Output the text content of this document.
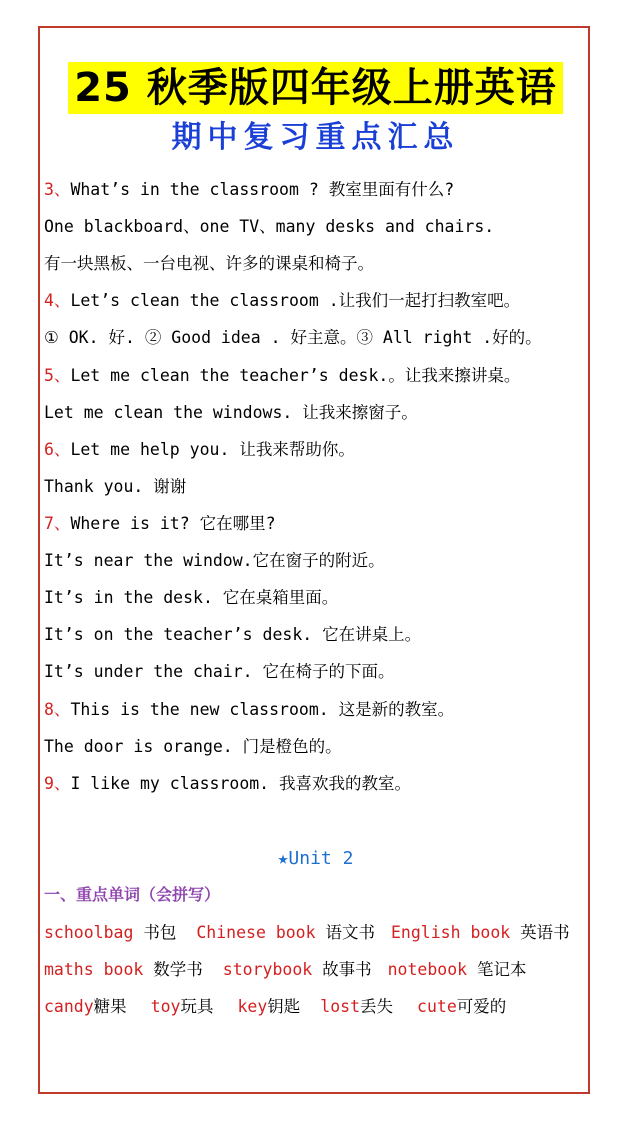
25 秋季版四年级上册英语
期中复习重点汇总
3、What’s in the classroom ? 教室里面有什么?
One blackboard、one TV、many desks and chairs.
有一块黑板、一台电视、许多的课桌和椅子。
4、Let’s clean the classroom .让我们一起打扫教室吧。
① OK. 好. ② Good idea . 好主意。③ All right .好的。
5、Let me clean the teacher’s desk.。让我来擦讲桌。
Let me clean the windows. 让我来擦窗子。
6、Let me help you. 让我来帮助你。
Thank you. 谢谢
7、Where is it? 它在哪里?
It’s near the window.它在窗子的附近。
It’s in the desk. 它在桌箱里面。
It’s on the teacher’s desk. 它在讲桌上。
It’s under the chair. 它在椅子的下面。
8、This is the new classroom. 这是新的教室。
The door is orange. 门是橙色的。
9、I like my classroom. 我喜欢我的教室。
★Unit 2
一、重点单词（会拼写）
schoolbag 书包 Chinese book 语文书 English book 英语书
maths book 数学书 storybook 故事书 notebook 笔记本
candy糖果 toy玩具 key钥匙 lost丢失 cute可爱的
